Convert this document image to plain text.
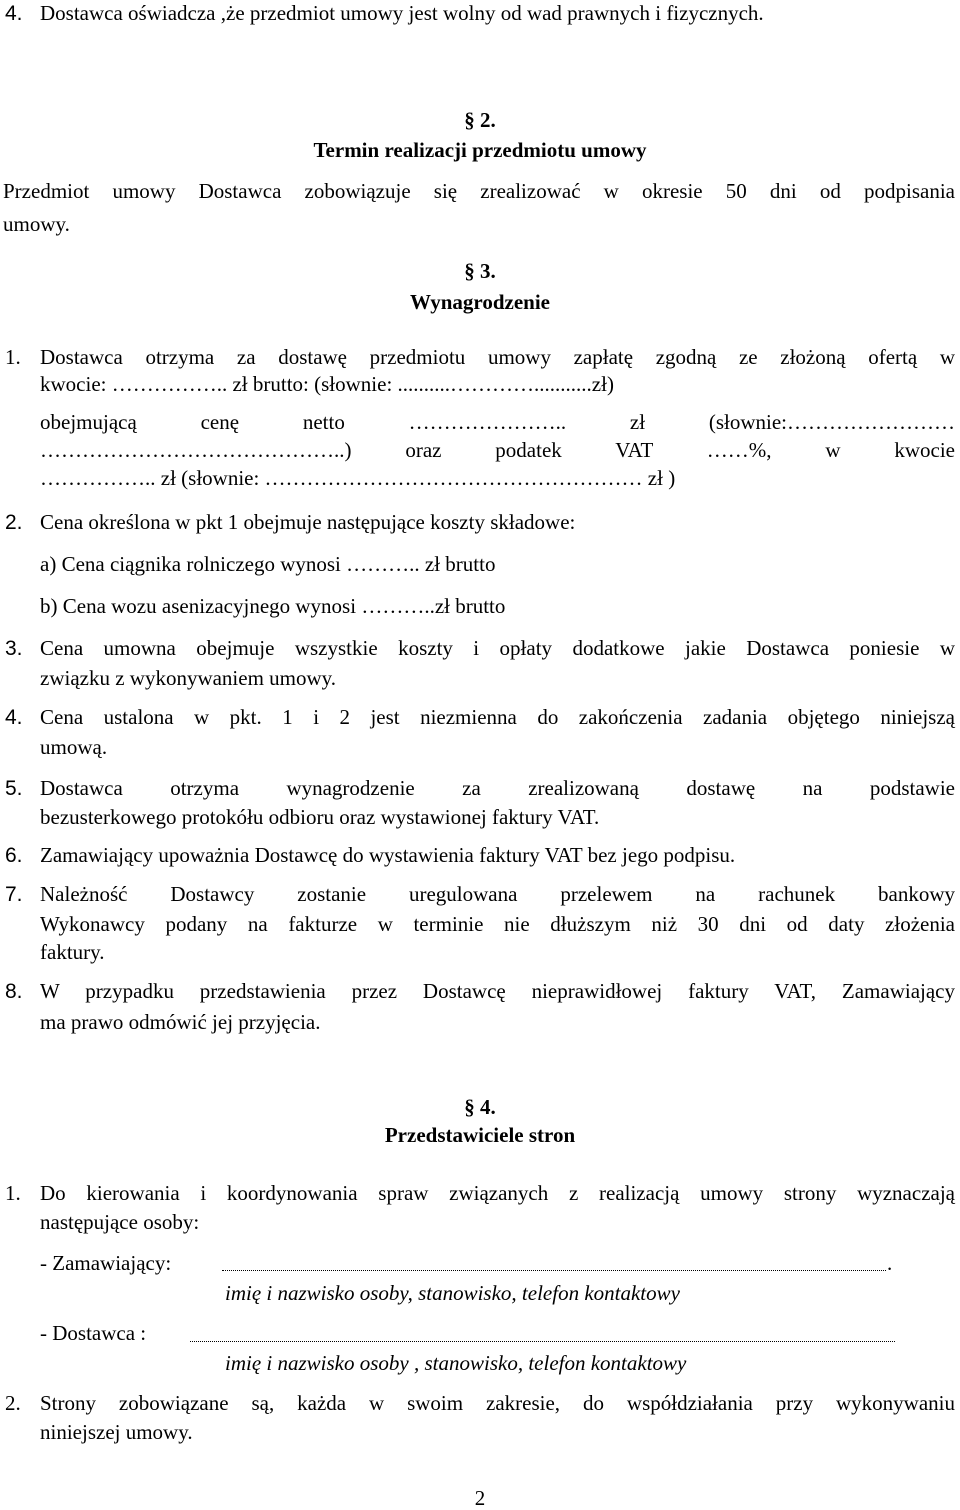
4. Dostawca oświadcza ,że przedmiot umowy jest wolny od wad prawnych i fizycznych.
§ 2.
Termin realizacji przedmiotu umowy
Przedmiot umowy Dostawca zobowiązuje się zrealizować w okresie 50 dni od podpisania
umowy.
§ 3.
Wynagrodzenie
1. Dostawca otrzyma za dostawę przedmiotu umowy zapłatę zgodną ze złożoną ofertą w
kwocie: …………….. zł brutto: (słownie: ..........…………...........zł)
obejmującą cenę netto ………………….. zł (słownie:……………………
……………………………………..) oraz podatek VAT ……%, w kwocie
…………….. zł (słownie: ……………………………………………… zł )
2. Cena określona w pkt 1 obejmuje następujące koszty składowe:
a) Cena ciągnika rolniczego wynosi ……….. zł brutto
b) Cena wozu asenizacyjnego wynosi ………..zł brutto
3. Cena umowna obejmuje wszystkie koszty i opłaty dodatkowe jakie Dostawca poniesie w
związku z wykonywaniem umowy.
4. Cena ustalona w pkt. 1 i 2 jest niezmienna do zakończenia zadania objętego niniejszą
umową.
5. Dostawca otrzyma wynagrodzenie za zrealizowaną dostawę na podstawie
bezusterkowego protokółu odbioru oraz wystawionej faktury VAT.
6. Zamawiający upoważnia Dostawcę do wystawienia faktury VAT bez jego podpisu.
7. Należność Dostawcy zostanie uregulowana przelewem na rachunek bankowy
Wykonawcy podany na fakturze w terminie nie dłuższym niż 30 dni od daty złożenia
faktury.
8. W przypadku przedstawienia przez Dostawcę nieprawidłowej faktury VAT, Zamawiający
ma prawo odmówić jej przyjęcia.
§ 4.
Przedstawiciele stron
1. Do kierowania i koordynowania spraw związanych z realizacją umowy strony wyznaczają
następujące osoby:
- Zamawiający:	.
imię i nazwisko osoby, stanowisko, telefon kontaktowy
- Dostawca :
imię i nazwisko osoby , stanowisko, telefon kontaktowy
2. Strony zobowiązane są, każda w swoim zakresie, do współdziałania przy wykonywaniu
niniejszej umowy.
2
